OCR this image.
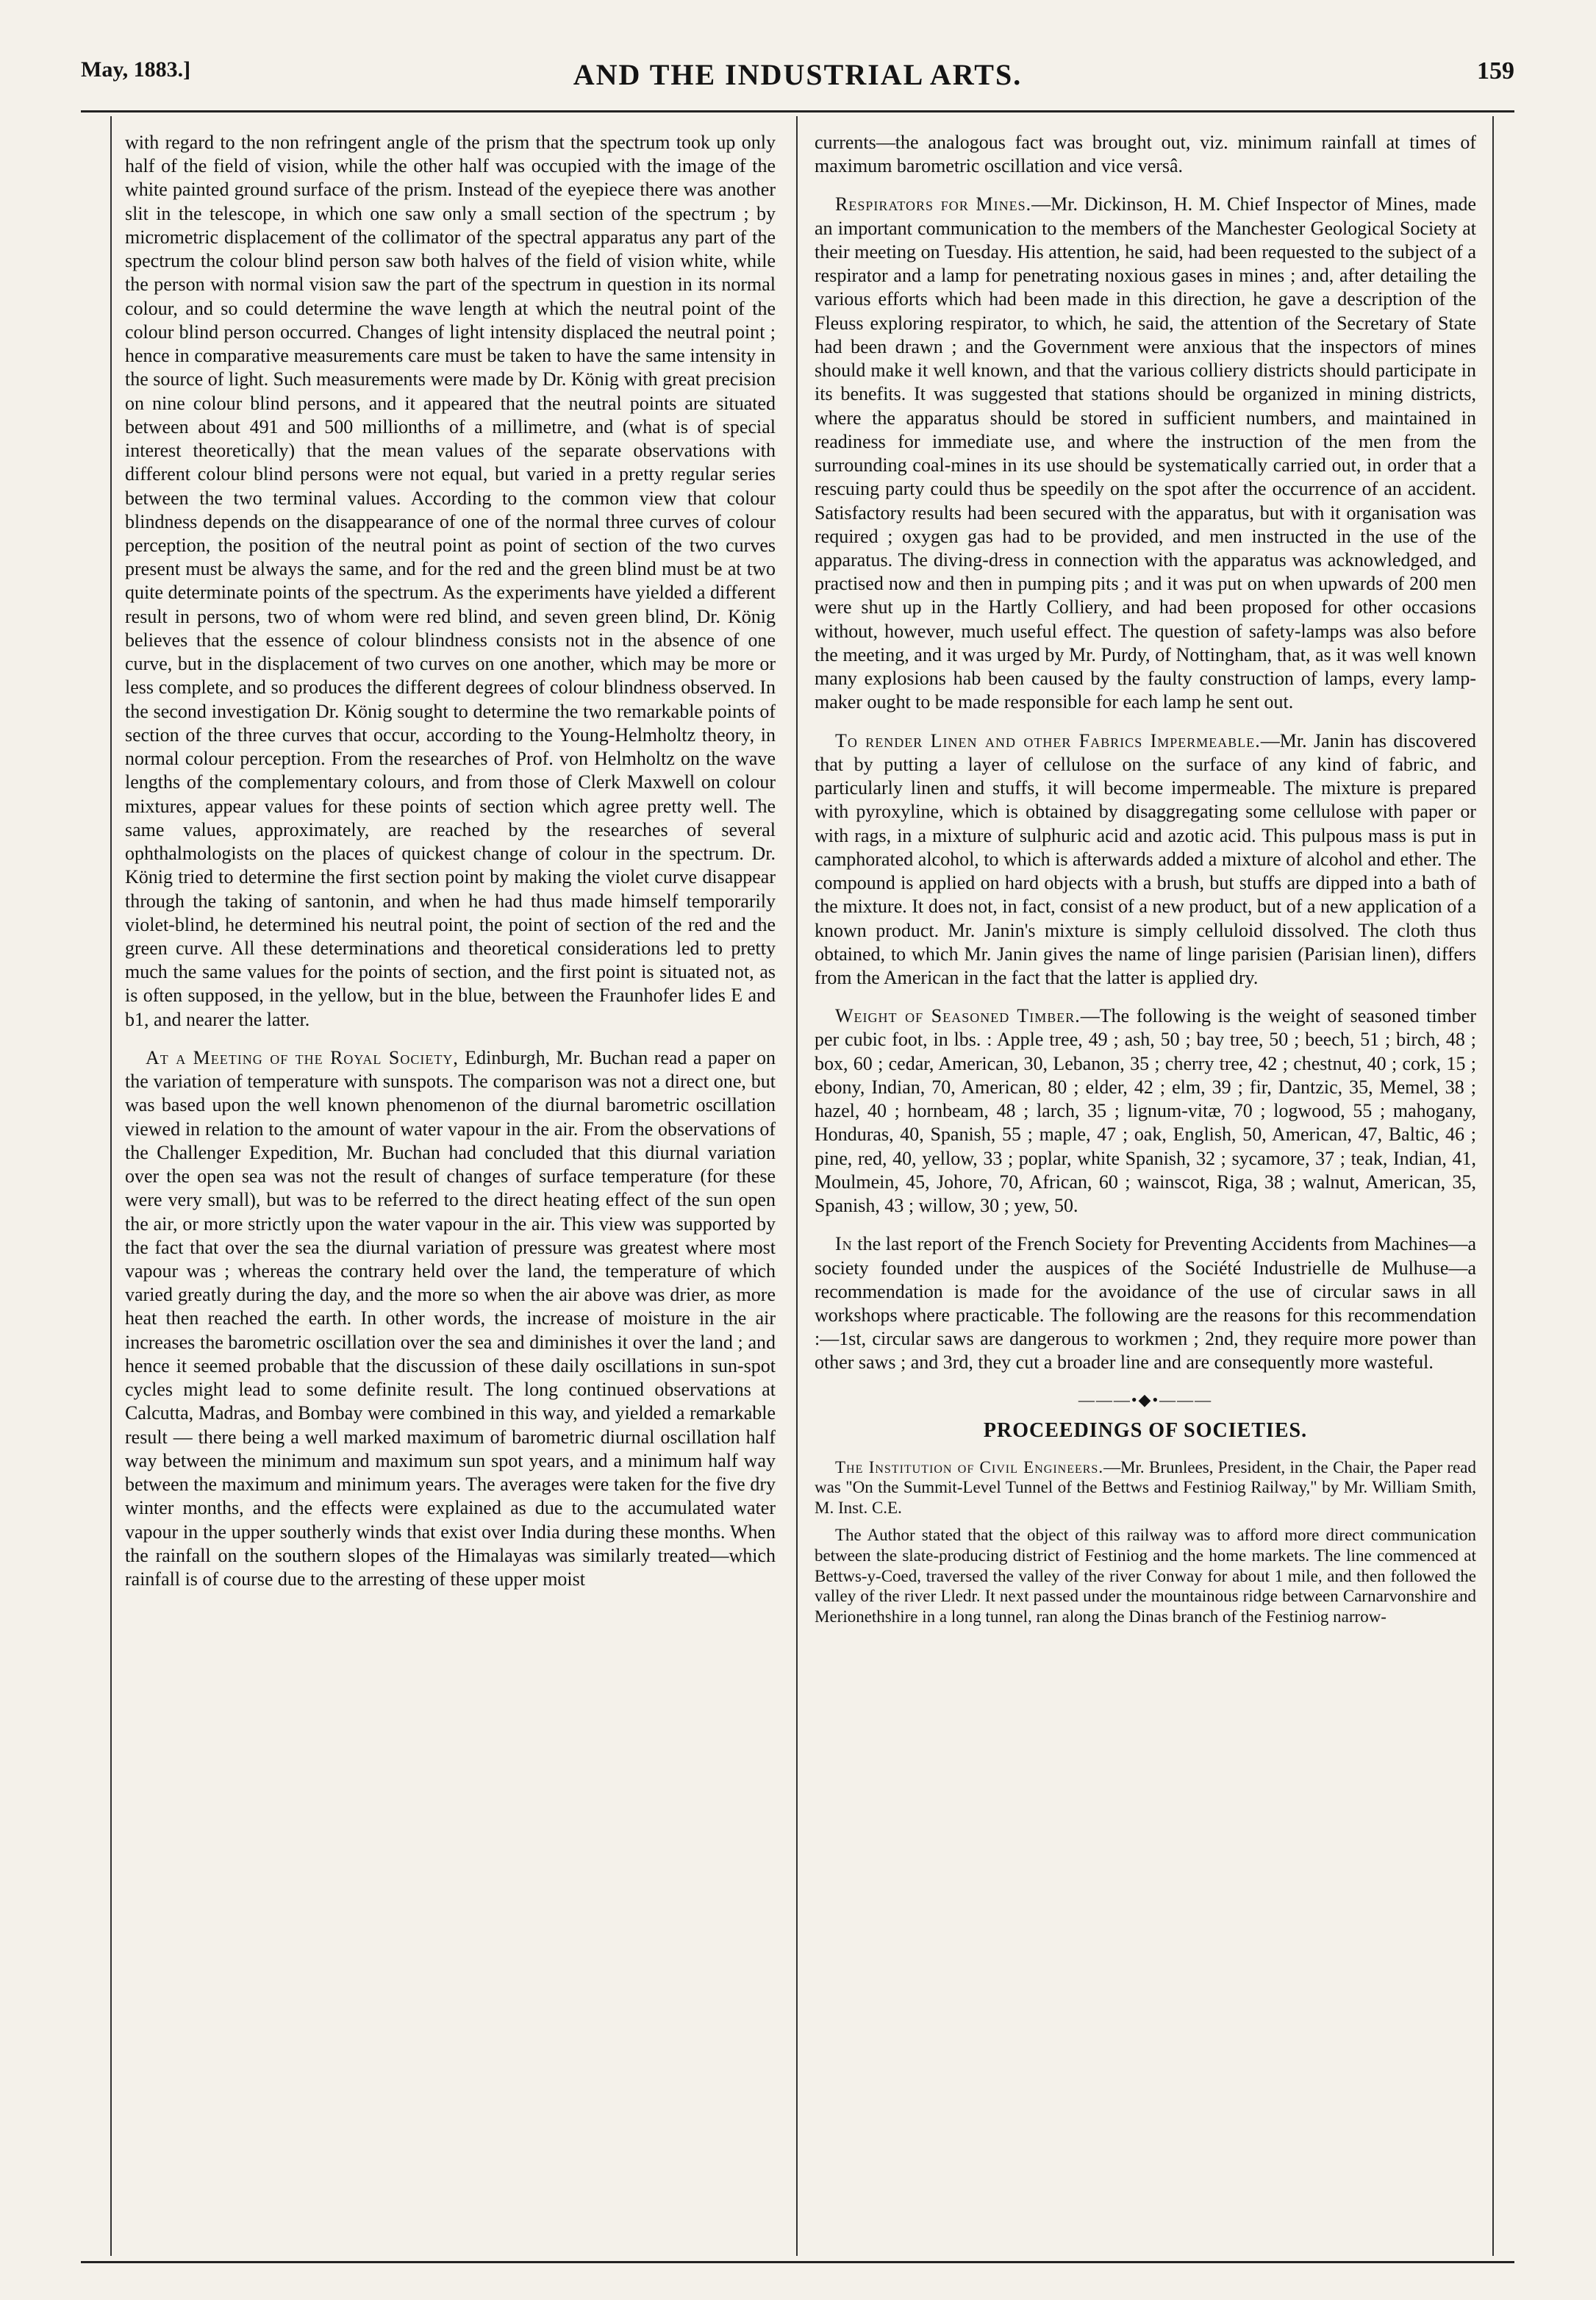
May, 1883.]	AND THE INDUSTRIAL ARTS.	159

with regard to the non refringent angle of the prism that the spectrum took up only half of the field of vision, while the other half was occupied with the image of the white painted ground surface of the prism. Instead of the eyepiece there was another slit in the telescope, in which one saw only a small section of the spectrum ; by micrometric displacement of the collimator of the spectral apparatus any part of the spectrum the colour blind person saw both halves of the field of vision white, while the person with normal vision saw the part of the spectrum in question in its normal colour, and so could determine the wave length at which the neutral point of the colour blind person occurred. Changes of light intensity displaced the neutral point ; hence in comparative measurements care must be taken to have the same intensity in the source of light. Such measurements were made by Dr. König with great precision on nine colour blind persons, and it appeared that the neutral points are situated between about 491 and 500 millionths of a millimetre, and (what is of special interest theoretically) that the mean values of the separate observations with different colour blind persons were not equal, but varied in a pretty regular series between the two terminal values. According to the common view that colour blindness depends on the disappearance of one of the normal three curves of colour perception, the position of the neutral point as point of section of the two curves present must be always the same, and for the red and the green blind must be at two quite determinate points of the spectrum. As the experiments have yielded a different result in persons, two of whom were red blind, and seven green blind, Dr. König believes that the essence of colour blindness consists not in the absence of one curve, but in the displacement of two curves on one another, which may be more or less complete, and so produces the different degrees of colour blindness observed. In the second investigation Dr. König sought to determine the two remarkable points of section of the three curves that occur, according to the Young-Helmholtz theory, in normal colour perception. From the researches of Prof. von Helmholtz on the wave lengths of the complementary colours, and from those of Clerk Maxwell on colour mixtures, appear values for these points of section which agree pretty well. The same values, approximately, are reached by the researches of several ophthalmologists on the places of quickest change of colour in the spectrum. Dr. König tried to determine the first section point by making the violet curve disappear through the taking of santonin, and when he had thus made himself temporarily violet-blind, he determined his neutral point, the point of section of the red and the green curve. All these determinations and theoretical considerations led to pretty much the same values for the points of section, and the first point is situated not, as is often supposed, in the yellow, but in the blue, between the Fraunhofer lides E and b1, and nearer the latter.

At a Meeting of the Royal Society, Edinburgh, Mr. Buchan read a paper on the variation of temperature with sunspots. The comparison was not a direct one, but was based upon the well known phenomenon of the diurnal barometric oscillation viewed in relation to the amount of water vapour in the air. From the observations of the Challenger Expedition, Mr. Buchan had concluded that this diurnal variation over the open sea was not the result of changes of surface temperature (for these were very small), but was to be referred to the direct heating effect of the sun open the air, or more strictly upon the water vapour in the air. This view was supported by the fact that over the sea the diurnal variation of pressure was greatest where most vapour was ; whereas the contrary held over the land, the temperature of which varied greatly during the day, and the more so when the air above was drier, as more heat then reached the earth. In other words, the increase of moisture in the air increases the barometric oscillation over the sea and diminishes it over the land ; and hence it seemed probable that the discussion of these daily oscillations in sun-spot cycles might lead to some definite result. The long continued observations at Calcutta, Madras, and Bombay were combined in this way, and yielded a remarkable result — there being a well marked maximum of barometric diurnal oscillation half way between the minimum and maximum sun spot years, and a minimum half way between the maximum and minimum years. The averages were taken for the five dry winter months, and the effects were explained as due to the accumulated water vapour in the upper southerly winds that exist over India during these months. When the rainfall on the southern slopes of the Himalayas was similarly treated—which rainfall is of course due to the arresting of these upper moist

currents—the analogous fact was brought out, viz. minimum rainfall at times of maximum barometric oscillation and vice versâ.

Respirators for Mines.—Mr. Dickinson, H. M. Chief Inspector of Mines, made an important communication to the members of the Manchester Geological Society at their meeting on Tuesday. His attention, he said, had been requested to the subject of a respirator and a lamp for penetrating noxious gases in mines ; and, after detailing the various efforts which had been made in this direction, he gave a description of the Fleuss exploring respirator, to which, he said, the attention of the Secretary of State had been drawn ; and the Government were anxious that the inspectors of mines should make it well known, and that the various colliery districts should participate in its benefits. It was suggested that stations should be organized in mining districts, where the apparatus should be stored in sufficient numbers, and maintained in readiness for immediate use, and where the instruction of the men from the surrounding coal-mines in its use should be systematically carried out, in order that a rescuing party could thus be speedily on the spot after the occurrence of an accident. Satisfactory results had been secured with the apparatus, but with it organisation was required ; oxygen gas had to be provided, and men instructed in the use of the apparatus. The diving-dress in connection with the apparatus was acknowledged, and practised now and then in pumping pits ; and it was put on when upwards of 200 men were shut up in the Hartly Colliery, and had been proposed for other occasions without, however, much useful effect. The question of safety-lamps was also before the meeting, and it was urged by Mr. Purdy, of Nottingham, that, as it was well known many explosions hab been caused by the faulty construction of lamps, every lamp-maker ought to be made responsible for each lamp he sent out.

To render Linen and other Fabrics Impermeable.—Mr. Janin has discovered that by putting a layer of cellulose on the surface of any kind of fabric, and particularly linen and stuffs, it will become impermeable. The mixture is prepared with pyroxyline, which is obtained by disaggregating some cellulose with paper or with rags, in a mixture of sulphuric acid and azotic acid. This pulpous mass is put in camphorated alcohol, to which is afterwards added a mixture of alcohol and ether. The compound is applied on hard objects with a brush, but stuffs are dipped into a bath of the mixture. It does not, in fact, consist of a new product, but of a new application of a known product. Mr. Janin's mixture is simply celluloid dissolved. The cloth thus obtained, to which Mr. Janin gives the name of linge parisien (Parisian linen), differs from the American in the fact that the latter is applied dry.

Weight of Seasoned Timber.—The following is the weight of seasoned timber per cubic foot, in lbs. : Apple tree, 49 ; ash, 50 ; bay tree, 50 ; beech, 51 ; birch, 48 ; box, 60 ; cedar, American, 30, Lebanon, 35 ; cherry tree, 42 ; chestnut, 40 ; cork, 15 ; ebony, Indian, 70, American, 80 ; elder, 42 ; elm, 39 ; fir, Dantzic, 35, Memel, 38 ; hazel, 40 ; hornbeam, 48 ; larch, 35 ; lignum-vitæ, 70 ; logwood, 55 ; mahogany, Honduras, 40, Spanish, 55 ; maple, 47 ; oak, English, 50, American, 47, Baltic, 46 ; pine, red, 40, yellow, 33 ; poplar, white Spanish, 32 ; sycamore, 37 ; teak, Indian, 41, Moulmein, 45, Johore, 70, African, 60 ; wainscot, Riga, 38 ; walnut, American, 35, Spanish, 43 ; willow, 30 ; yew, 50.

In the last report of the French Society for Preventing Accidents from Machines—a society founded under the auspices of the Société Industrielle de Mulhuse—a recommendation is made for the avoidance of the use of circular saws in all workshops where practicable. The following are the reasons for this recommendation :—1st, circular saws are dangerous to workmen ; 2nd, they require more power than other saws ; and 3rd, they cut a broader line and are consequently more wasteful.

———•◆•———
PROCEEDINGS OF SOCIETIES.

The Institution of Civil Engineers.—Mr. Brunlees, President, in the Chair, the Paper read was "On the Summit-Level Tunnel of the Bettws and Festiniog Railway," by Mr. William Smith, M. Inst. C.E.

The Author stated that the object of this railway was to afford more direct communication between the slate-producing district of Festiniog and the home markets. The line commenced at Bettws-y-Coed, traversed the valley of the river Conway for about 1 mile, and then followed the valley of the river Lledr. It next passed under the mountainous ridge between Carnarvonshire and Merionethshire in a long tunnel, ran along the Dinas branch of the Festiniog narrow-
